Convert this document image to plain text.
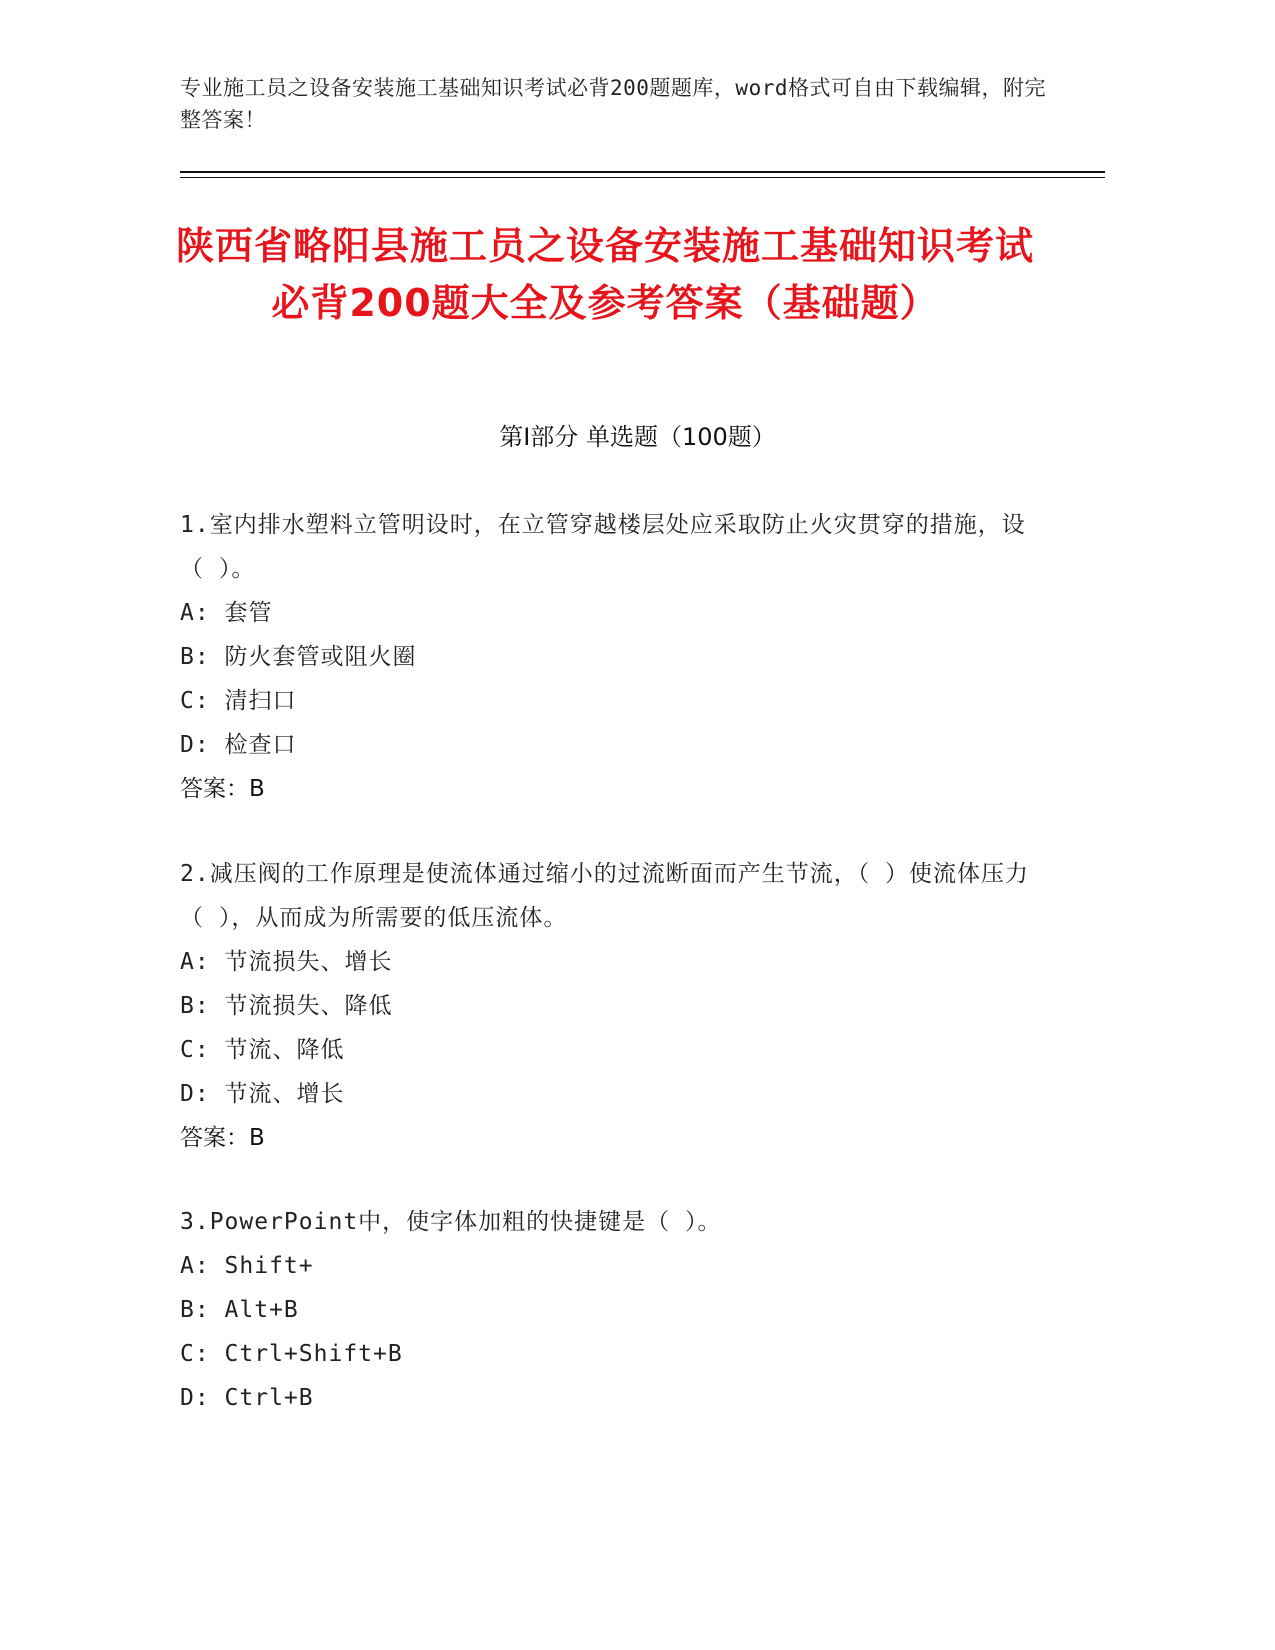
专业施工员之设备安装施工基础知识考试必背200题题库，word格式可自由下载编辑，附完整答案！
陕西省略阳县施工员之设备安装施工基础知识考试必背200题大全及参考答案（基础题）
第I部分 单选题（100题）
1.室内排水塑料立管明设时，在立管穿越楼层处应采取防止火灾贯穿的措施，设（ ）。
A: 套管
B: 防火套管或阻火圈
C: 清扫口
D: 检查口
答案：B
2.减压阀的工作原理是使流体通过缩小的过流断面而产生节流，（ ）使流体压力（ ），从而成为所需要的低压流体。
A: 节流损失、增长
B: 节流损失、降低
C: 节流、降低
D: 节流、增长
答案：B
3.PowerPoint中，使字体加粗的快捷键是（ ）。
A: Shift+
B: Alt+B
C: Ctrl+Shift+B
D: Ctrl+B
